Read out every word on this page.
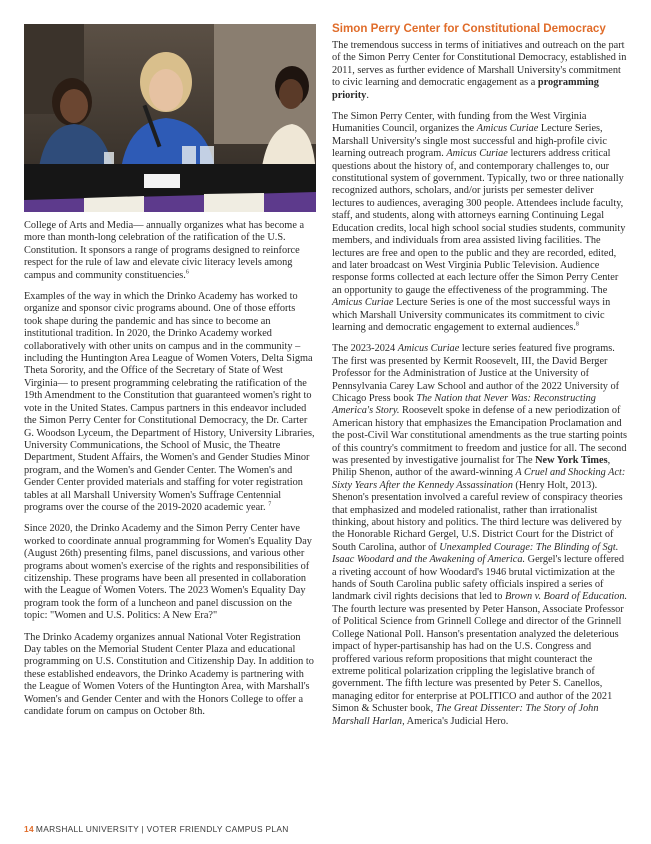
College of Arts and Media— annually organizes what has become a more than month-long celebration of the ratification of the U.S. Constitution. It sponsors a range of programs designed to reinforce respect for the rule of law and elevate civic literacy levels among campus and community constituencies.$^6$

Examples of the way in which the Drinko Academy has worked to organize and sponsor civic programs abound. One of those efforts took shape during the pandemic and has since to become an institutional tradition. In 2020, the Drinko Academy worked collaboratively with other units on campus and in the community –including the Huntington Area League of Women Voters, Delta Sigma Theta Sorority, and the Office of the Secretary of State of West Virginia— to present programming celebrating the ratification of the 19th Amendment to the Constitution that guaranteed women's right to vote in the United States. Campus partners in this endeavor included the Simon Perry Center for Constitutional Democracy, the Dr. Carter G. Woodson Lyceum, the Department of History, University Libraries, University Communications, the School of Music, the Theatre Department, Student Affairs, the Women's and Gender Studies Minor program, and the Women's and Gender Center. The Women's and Gender Center provided materials and staffing for voter registration tables at all Marshall University Women's Suffrage Centennial programs over the course of the 2019-2020 academic year. $^7$

Since 2020, the Drinko Academy and the Simon Perry Center have worked to coordinate annual programming for Women's Equality Day (August 26th) presenting films, panel discussions, and various other programs about women's exercise of the rights and responsibilities of citizenship. These programs have been all presented in collaboration with the League of Women Voters. The 2023 Women's Equality Day program took the form of a luncheon and panel discussion on the topic: "Women and U.S. Politics: A New Era?"

The Drinko Academy organizes annual National Voter Registration Day tables on the Memorial Student Center Plaza and educational programming on U.S. Constitution and Citizenship Day. In addition to these established endeavors, the Drinko Academy is partnering with the League of Women Voters of the Huntington Area, with Marshall's Women's and Gender Center and with the Honors College to offer a candidate forum on campus on October 8th.

Simon Perry Center for Constitutional Democracy

The tremendous success in terms of initiatives and outreach on the part of the Simon Perry Center for Constitutional Democracy, established in 2011, serves as further evidence of Marshall University's commitment to civic learning and democratic engagement as a programming priority.

The Simon Perry Center, with funding from the West Virginia Humanities Council, organizes the Amicus Curiae Lecture Series, Marshall University's single most successful and high-profile civic learning outreach program. Amicus Curiae lecturers address critical questions about the history of, and contemporary challenges to, our constitutional system of government. Typically, two or three nationally recognized authors, scholars, and/or jurists per semester deliver lectures to audiences, averaging 300 people. Attendees include faculty, staff, and students, along with attorneys earning Continuing Legal Education credits, local high school social studies students, community members, and individuals from area assisted living facilities. The lectures are free and open to the public and they are recorded, edited, and later broadcast on West Virginia Public Television. Audience response forms collected at each lecture offer the Simon Perry Center an opportunity to gauge the effectiveness of the programming. The Amicus Curiae Lecture Series is one of the most successful ways in which Marshall University communicates its commitment to civic learning and democratic engagement to external audiences.$^8$

The 2023-2024 Amicus Curiae lecture series featured five programs. The first was presented by Kermit Roosevelt, III, the David Berger Professor for the Administration of Justice at the University of Pennsylvania Carey Law School and author of the 2022 University of Chicago Press book The Nation that Never Was: Reconstructing America's Story. Roosevelt spoke in defense of a new periodization of American history that emphasizes the Emancipation Proclamation and the post-Civil War constitutional amendments as the true starting points of this country's commitment to freedom and justice for all. The second was presented by investigative journalist for The New York Times, Philip Shenon, author of the award-winning A Cruel and Shocking Act: Sixty Years After the Kennedy Assassination (Henry Holt, 2013). Shenon's presentation involved a careful review of conspiracy theories that emphasized and modeled rationalist, rather than irrationalist thinking, about history and politics. The third lecture was delivered by the Honorable Richard Gergel, U.S. District Court for the District of South Carolina, author of Unexampled Courage: The Blinding of Sgt. Isaac Woodard and the Awakening of America. Gergel's lecture offered a riveting account of how Woodard's 1946 brutal victimization at the hands of South Carolina public safety officials inspired a series of landmark civil rights decisions that led to Brown v. Board of Education. The fourth lecture was presented by Peter Hanson, Associate Professor of Political Science from Grinnell College and director of the Grinnell College National Poll. Hanson's presentation analyzed the deleterious impact of hyper-partisanship has had on the U.S. Congress and proffered various reform propositions that might counteract the extreme political polarization crippling the legislative branch of government. The fifth lecture was presented by Peter S. Canellos, managing editor for enterprise at POLITICO and author of the 2021 Simon & Schuster book, The Great Dissenter: The Story of John Marshall Harlan, America's Judicial Hero.

14 MARSHALL UNIVERSITY | VOTER FRIENDLY CAMPUS PLAN
